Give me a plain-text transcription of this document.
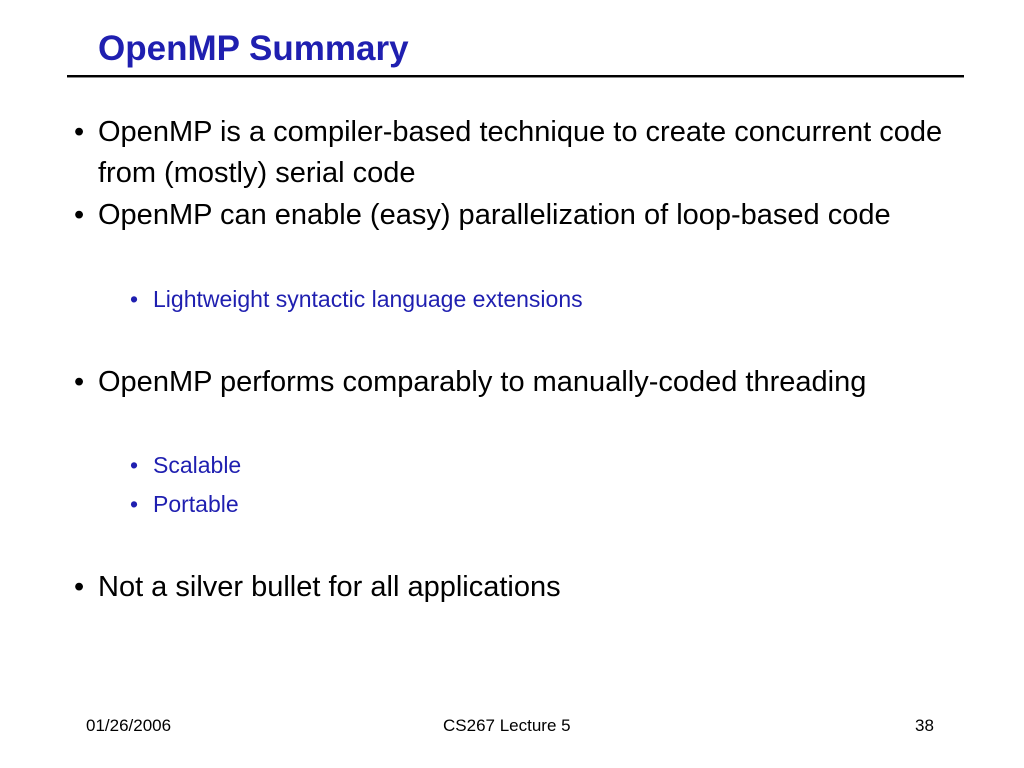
OpenMP Summary
• OpenMP is a compiler-based technique to create concurrent code from (mostly) serial code
• OpenMP can enable (easy) parallelization of loop-based code
• Lightweight syntactic language extensions
• OpenMP performs comparably to manually-coded threading
• Scalable
• Portable
• Not a silver bullet for all applications
01/26/2006	CS267 Lecture 5	38
